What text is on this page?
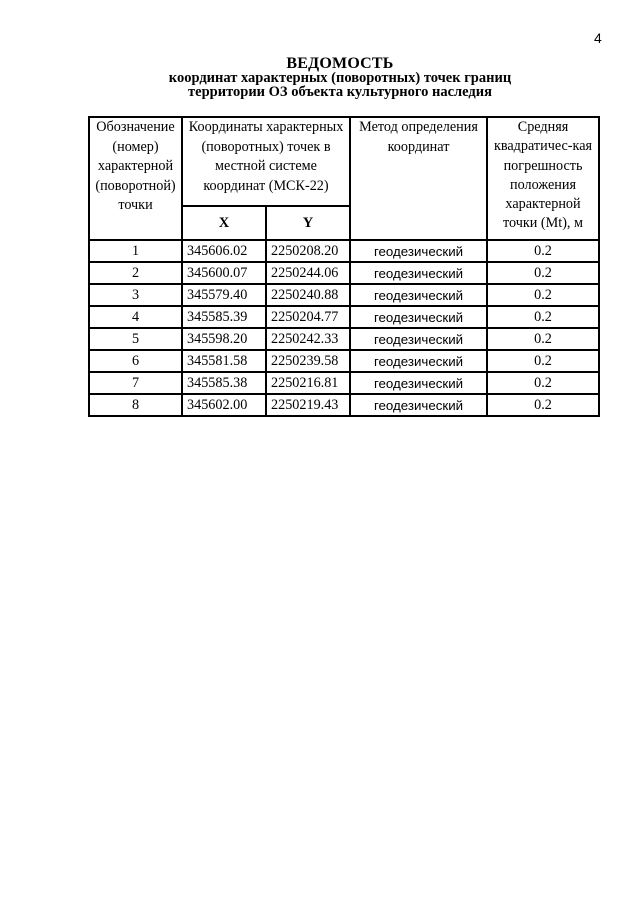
4
ВЕДОМОСТЬ
координат характерных (поворотных) точек границ
территории ОЗ объекта культурного наследия
Обозначение (номер) характерной (поворотной) точки	Координаты характерных (поворотных) точек в местной системе координат (МСК-22)		Метод определения координат	Средняя квадратичес-кая погрешность положения характерной точки (Mt), м
	X	Y		
1	345606.02	2250208.20	геодезический	0.2
2	345600.07	2250244.06	геодезический	0.2
3	345579.40	2250240.88	геодезический	0.2
4	345585.39	2250204.77	геодезический	0.2
5	345598.20	2250242.33	геодезический	0.2
6	345581.58	2250239.58	геодезический	0.2
7	345585.38	2250216.81	геодезический	0.2
8	345602.00	2250219.43	геодезический	0.2
